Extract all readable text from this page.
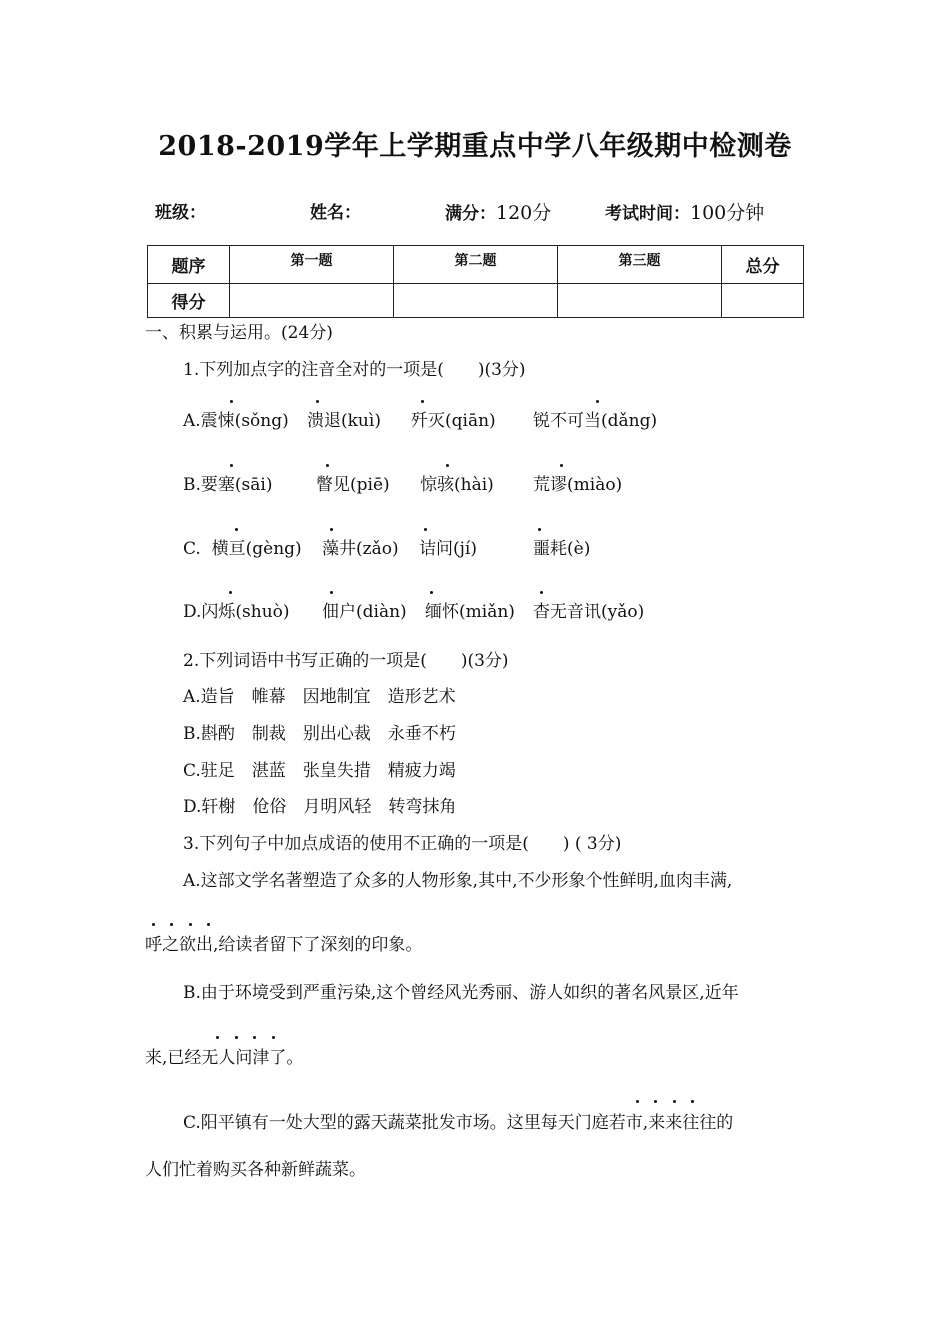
2018-2019学年上学期重点中学八年级期中检测卷
班级：	姓名：	满分：120分	考试时间：100分钟
题序	第一题	第二题	第三题	总分
得分				
一、积累与运用。(24分)
1.下列加点字的注音全对的一项是(　　)(3分)
A.震悚(sǒng) 溃退(kuì) 歼灭(qiān) 锐不可当(dǎng)
B.要塞(sāi)	瞥见(piē) 惊骇(hài) 荒谬(miào)
C.  横亘(gèng) 藻井(zǎo) 诘问(jí)	噩耗(è)
D.闪烁(shuò) 佃户(diàn) 缅怀(miǎn) 杳无音讯(yǎo)
2.下列词语中书写正确的一项是(　　)(3分)
A.造旨　帷幕　因地制宜　造形艺术
B.斟酌　制裁　别出心裁　永垂不朽
C.驻足　湛蓝　张皇失措　精疲力竭
D.轩榭　伧俗　月明风轻　转弯抹角
3.下列句子中加点成语的使用不正确的一项是(　　) ( 3分)
A.这部文学名著塑造了众多的人物形象,其中,不少形象个性鲜明,血肉丰满,
呼之欲出,给读者留下了深刻的印象。
B.由于环境受到严重污染,这个曾经风光秀丽、游人如织的著名风景区,近年
来,已经无人问津了。
C.阳平镇有一处大型的露天蔬菜批发市场。这里每天门庭若市,来来往往的
人们忙着购买各种新鲜蔬菜。
